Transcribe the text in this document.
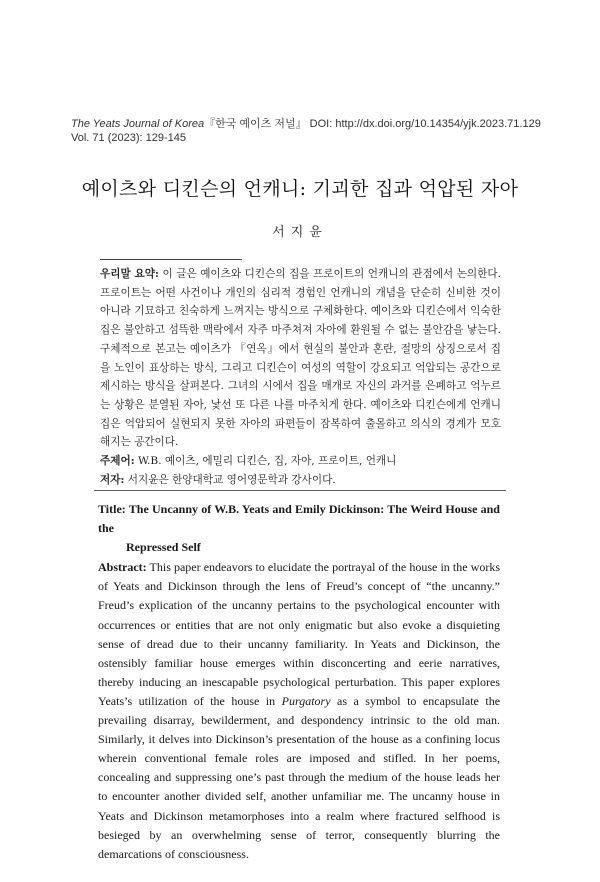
The Yeats Journal of Korea『한국 예이츠 저널』 DOI: http://dx.doi.org/10.14354/yjk.2023.71.129
Vol. 71 (2023): 129-145
예이츠와 디킨슨의 언캐니: 기괴한 집과 억압된 자아
서지윤

우리말 요약: 이 글은 예이츠와 디킨슨의 집을 프로이트의 언캐니의 관점에서 논의한다. 프로이트는 어떤 사건이나 개인의 심리적 경험인 언캐니의 개념을 단순히 신비한 것이 아니라 기묘하고 친숙하게 느껴지는 방식으로 구체화한다. 예이츠와 디킨슨에서 익숙한 집은 불안하고 섬뜩한 맥락에서 자주 마주쳐져 자아에 환원될 수 없는 불안감을 낳는다. 구체적으로 본고는 예이츠가 『연옥』에서 현실의 불안과 혼란, 절망의 상징으로서 집을 노인이 표상하는 방식, 그리고 디킨슨이 여성의 역할이 강요되고 억압되는 공간으로 제시하는 방식을 살펴본다. 그녀의 시에서 집을 매개로 자신의 과거를 은폐하고 억누르는 상황은 분열된 자아, 낯선 또 다른 나를 마주치게 한다. 예이츠와 디킨슨에게 언캐니 집은 억압되어 실현되지 못한 자아의 파편들이 잠복하여 출몰하고 의식의 경계가 모호해지는 공간이다.

주제어: W.B. 예이츠, 에밀리 디킨슨, 집, 자아, 프로이트, 언캐니

저자: 서지윤은 한양대학교 영어영문학과 강사이다.

Title: The Uncanny of W.B. Yeats and Emily Dickinson: The Weird House and the
Repressed Self

Abstract: This paper endeavors to elucidate the portrayal of the house in the works of Yeats and Dickinson through the lens of Freud’s concept of “the uncanny.” Freud’s explication of the uncanny pertains to the psychological encounter with occurrences or entities that are not only enigmatic but also evoke a disquieting sense of dread due to their uncanny familiarity. In Yeats and Dickinson, the ostensibly familiar house emerges within disconcerting and eerie narratives, thereby inducing an inescapable psychological perturbation. This paper explores Yeats’s utilization of the house in Purgatory as a symbol to encapsulate the prevailing disarray, bewilderment, and despondency intrinsic to the old man. Similarly, it delves into Dickinson’s presentation of the house as a confining locus wherein conventional female roles are imposed and stifled. In her poems, concealing and suppressing one’s past through the medium of the house leads her to encounter another divided self, another unfamiliar me. The uncanny house in Yeats and Dickinson metamorphoses into a realm where fractured selfhood is besieged by an overwhelming sense of terror, consequently blurring the demarcations of consciousness.
